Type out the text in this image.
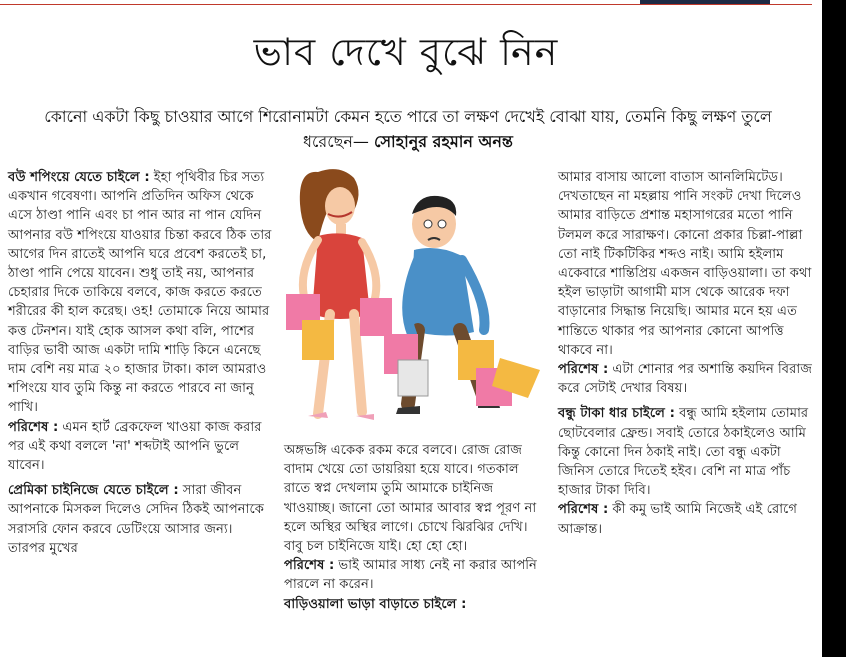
ভাব দেখে বুঝে নিন
কোনো একটা কিছু চাওয়ার আগে শিরোনামটা কেমন হতে পারে তা লক্ষণ দেখেই বোঝা যায়, তেমনি কিছু লক্ষণ তুলে ধরেছেন— সোহানুর রহমান অনন্ত

বউ শপিংয়ে যেতে চাইলে : ইহা পৃথিবীর চির সত্য একখান গবেষণা। আপনি প্রতিদিন অফিস থেকে এসে ঠাণ্ডা পানি এবং চা পান আর না পান যেদিন আপনার বউ শপিংয়ে যাওয়ার চিন্তা করবে ঠিক তার আগের দিন রাতেই আপনি ঘরে প্রবেশ করতেই চা, ঠাণ্ডা পানি পেয়ে যাবেন। শুধু তাই নয়, আপনার চেহারার দিকে তাকিয়ে বলবে, কাজ করতে করতে শরীরের কী হাল করেছ। ওহ! তোমাকে নিয়ে আমার কত্ত টেনশন। যাই হোক আসল কথা বলি, পাশের বাড়ির ভাবী আজ একটা দামি শাড়ি কিনে এনেছে দাম বেশি নয় মাত্র ২০ হাজার টাকা। কাল আমরাও শপিংয়ে যাব তুমি কিন্তু না করতে পারবে না জানু পাখি।

পরিশেষ : এমন হার্ট ব্রেকফেল খাওয়া কাজ করার পর এই কথা বললে 'না' শব্দটাই আপনি ভুলে যাবেন।

প্রেমিকা চাইনিজে যেতে চাইলে : সারা জীবন আপনাকে মিসকল দিলেও সেদিন ঠিকই আপনাকে সরাসরি ফোন করবে ডেটিংয়ে আসার জন্য। তারপর মুখের

অঙ্গভঙ্গি একেক রকম করে বলবে। রোজ রোজ বাদাম খেয়ে তো ডায়রিয়া হয়ে যাবে। গতকাল রাতে স্বপ্ন দেখলাম তুমি আমাকে চাইনিজ খাওয়াচ্ছ। জানো তো আমার আবার স্বপ্ন পূরণ না হলে অস্থির অস্থির লাগে। চোখে ঝিরঝির দেখি। বাবু চল চাইনিজে যাই। হো হো হো।

পরিশেষ : ভাই আমার সাধ্য নেই না করার আপনি পারলে না করেন।

বাড়িওয়ালা ভাড়া বাড়াতে চাইলে :

আমার বাসায় আলো বাতাস আনলিমিটেড। দেখতাছেন না মহল্লায় পানি সংকট দেখা দিলেও আমার বাড়িতে প্রশান্ত মহাসাগরের মতো পানি টলমল করে সারাক্ষণ। কোনো প্রকার চিল্লা-পাল্লা তো নাই টিকটিকির শব্দও নাই। আমি হইলাম একেবারে শান্তিপ্রিয় একজন বাড়িওয়ালা। তা কথা হইল ভাড়াটা আগামী মাস থেকে আরেক দফা বাড়ানোর সিদ্ধান্ত নিয়েছি। আমার মনে হয় এত শান্তিতে থাকার পর আপনার কোনো আপত্তি থাকবে না।

পরিশেষ : এটা শোনার পর অশান্তি কয়দিন বিরাজ করে সেটাই দেখার বিষয়।

বন্ধু টাকা ধার চাইলে : বন্ধু আমি হইলাম তোমার ছোটবেলার ফ্রেন্ড। সবাই তোরে ঠকাইলেও আমি কিন্তু কোনো দিন ঠকাই নাই। তো বন্ধু একটা জিনিস তোরে দিতেই হইব। বেশি না মাত্র পাঁচ হাজার টাকা দিবি।

পরিশেষ : কী কমু ভাই আমি নিজেই এই রোগে আক্রান্ত।
